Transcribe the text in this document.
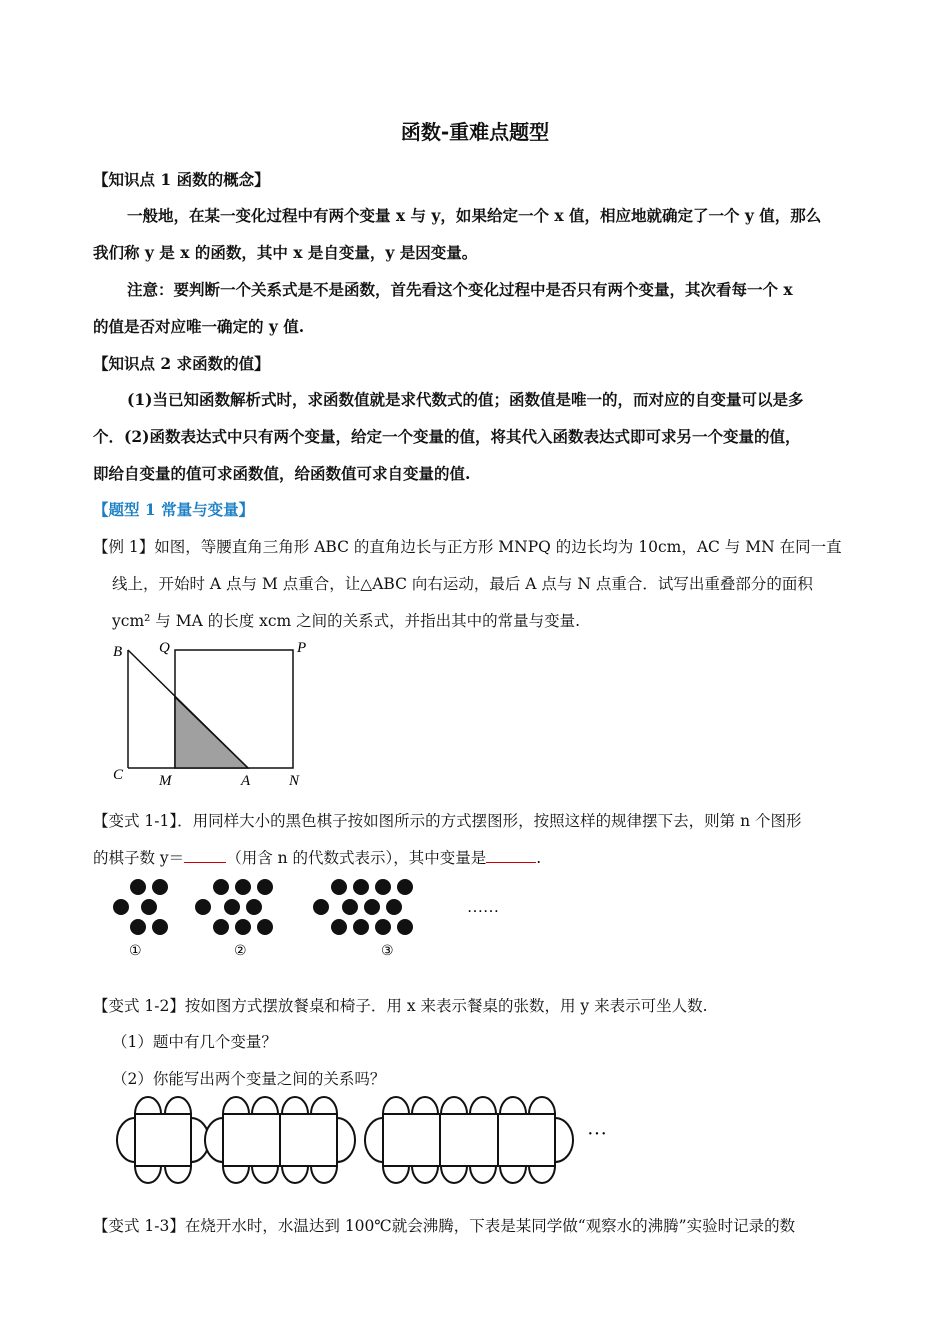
函数-重难点题型
【知识点 1 函数的概念】
一般地，在某一变化过程中有两个变量 x 与 y，如果给定一个 x 值，相应地就确定了一个 y 值，那么
我们称 y 是 x 的函数，其中 x 是自变量，y 是因变量。
注意：要判断一个关系式是不是函数，首先看这个变化过程中是否只有两个变量，其次看每一个 x
的值是否对应唯一确定的 y 值.
【知识点 2 求函数的值】
(1)当已知函数解析式时，求函数值就是求代数式的值；函数值是唯一的，而对应的自变量可以是多
个．(2)函数表达式中只有两个变量，给定一个变量的值，将其代入函数表达式即可求另一个变量的值，
即给自变量的值可求函数值，给函数值可求自变量的值.
【题型 1 常量与变量】
【例 1】如图，等腰直角三角形 ABC 的直角边长与正方形 MNPQ 的边长均为 10cm，AC 与 MN 在同一直
线上，开始时 A 点与 M 点重合，让△ABC 向右运动，最后 A 点与 N 点重合．试写出重叠部分的面积
ycm² 与 MA 的长度 xcm 之间的关系式，并指出其中的常量与变量.
B Q	P
C M	A	N
【变式 1-1】．用同样大小的黑色棋子按如图所示的方式摆图形，按照这样的规律摆下去，则第 n 个图形
的棋子数 y＝	（用含 n 的代数式表示），其中变量是	.
①	②	③
……
【变式 1-2】按如图方式摆放餐桌和椅子．用 x 来表示餐桌的张数，用 y 来表示可坐人数.
（1）题中有几个变量？
（2）你能写出两个变量之间的关系吗？
···
【变式 1-3】在烧开水时，水温达到 100℃就会沸腾，下表是某同学做“观察水的沸腾”实验时记录的数
